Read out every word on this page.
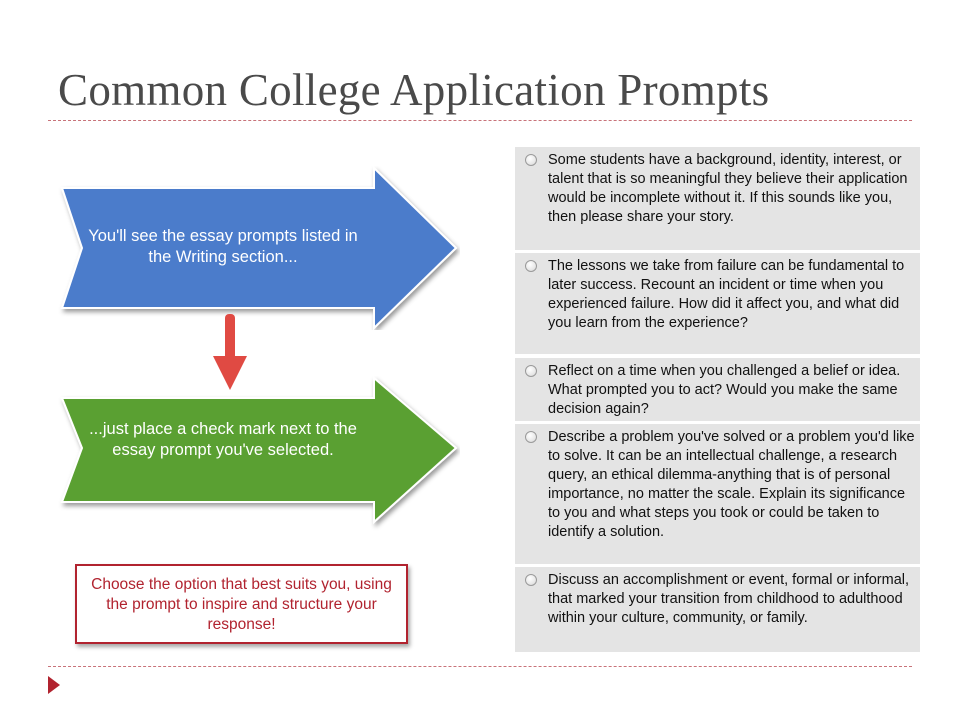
Common College Application Prompts
You'll see the essay prompts listed in the Writing section...
...just place a check mark next to the essay prompt you've selected.
Choose the option that best suits you, using the prompt to inspire and structure your response!
Some students have a background, identity, interest, or talent that is so meaningful they believe their application would be incomplete without it. If this sounds like you, then please share your story.
The lessons we take from failure can be fundamental to later success. Recount an incident or time when you experienced failure. How did it affect you, and what did you learn from the experience?
Reflect on a time when you challenged a belief or idea. What prompted you to act? Would you make the same decision again?
Describe a problem you've solved or a problem you'd like to solve. It can be an intellectual challenge, a research query, an ethical dilemma-anything that is of personal importance, no matter the scale. Explain its significance to you and what steps you took or could be taken to identify a solution.
Discuss an accomplishment or event, formal or informal, that marked your transition from childhood to adulthood within your culture, community, or family.
